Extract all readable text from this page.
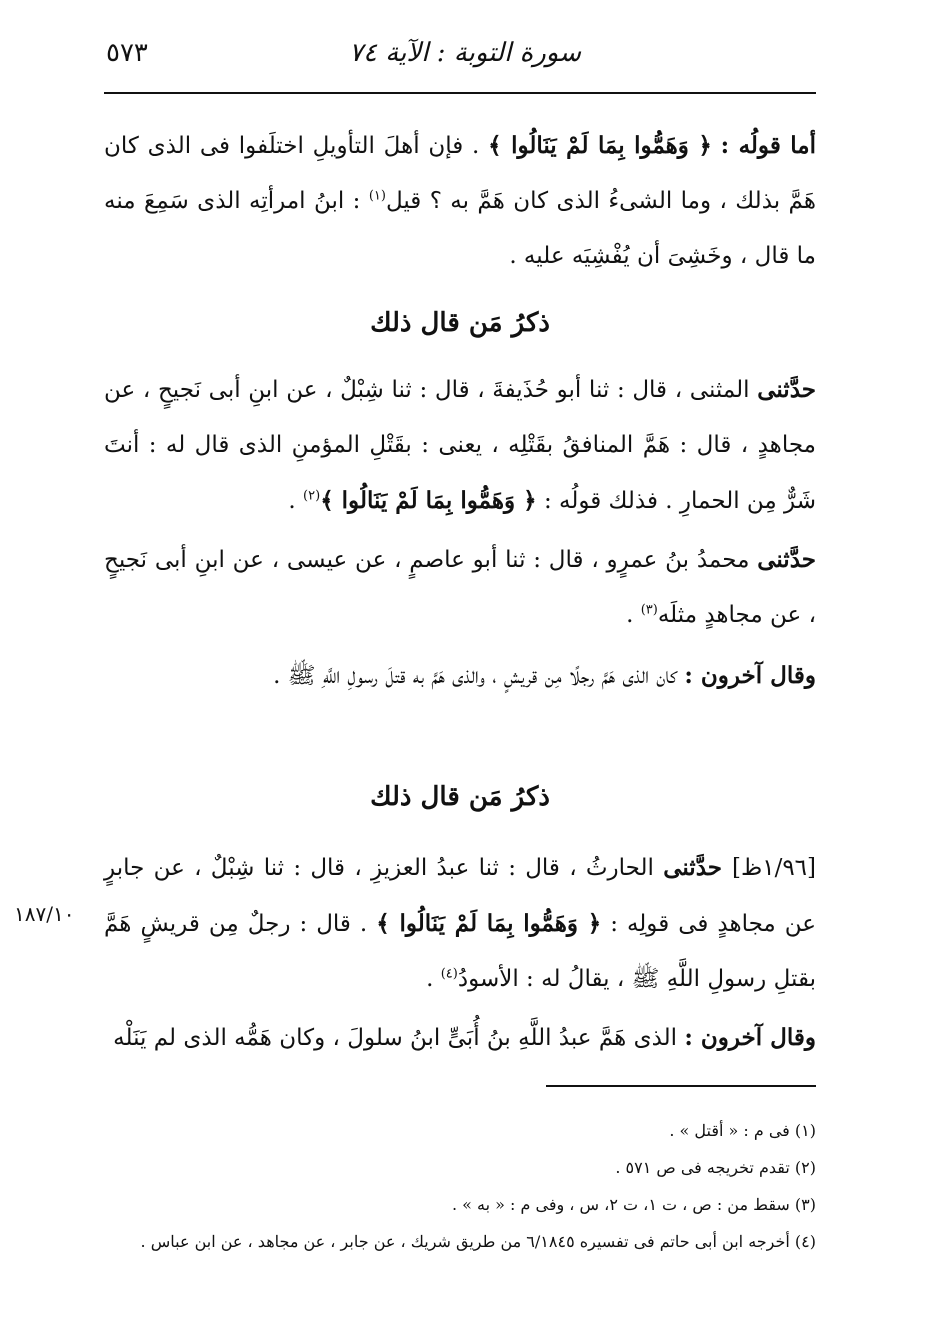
٥٧٣	سورة التوبة : الآية ٧٤
أما قولُه : ﴿ وَهَمُّوا بِمَا لَمْ يَنَالُوا ﴾ . فإن أهلَ التأويلِ اختلَفوا فى الذى كان هَمَّ بذلك ، وما الشىءُ الذى كان هَمَّ به ؟ قيل$^{(١)}$ : ابنُ امرأتِه الذى سَمِعَ منه ما قال ، وخَشِىَ أن يُفْشِيَه عليه .
ذكرُ مَن قال ذلك
حدَّثنى المثنى ، قال : ثنا أبو حُذَيفةَ ، قال : ثنا شِبْلٌ ، عن ابنِ أبى نَجيحٍ ، عن مجاهدٍ ، قال : هَمَّ المنافقُ بقَتْلِه ، يعنى : بقَتْلِ المؤمنِ الذى قال له : أنتَ شَرٌّ مِن الحمارِ . فذلك قولُه : ﴿ وَهَمُّوا بِمَا لَمْ يَنَالُوا ﴾$^{(٢)}$ .
حدَّثنى محمدُ بنُ عمرٍو ، قال : ثنا أبو عاصمٍ ، عن عيسى ، عن ابنِ أبى نَجيحٍ ، عن مجاهدٍ مثلَه$^{(٣)}$ .
وقال آخرون : كان الذى هَمَّ رجلًا مِن قريشٍ ، والذى هَمَّ به قتلَ رسولِ اللَّهِ ﷺ .
ذكرُ مَن قال ذلك
[١/٩٦ظ] حدَّثنى الحارثُ ، قال : ثنا عبدُ العزيزِ ، قال : ثنا شِبْلٌ ، عن جابرٍ عن مجاهدٍ فى قولِه : ﴿ وَهَمُّوا بِمَا لَمْ يَنَالُوا ﴾ . قال : رجلٌ مِن قريشٍ هَمَّ بقتلِ رسولِ اللَّهِ ﷺ ، يقالُ له : الأسودُ$^{(٤)}$ .
وقال آخرون : الذى هَمَّ عبدُ اللَّهِ بنُ أُبَىٍّ ابنُ سلولَ ، وكان هَمُّه الذى لم يَنَلْه
١٨٧/١٠
(١) فى م : « أقتل » .
(٢) تقدم تخريجه فى ص ٥٧١ .
(٣) سقط من : ص ، ت ١، ت ٢، س ، وفى م : « به » .
(٤) أخرجه ابن أبى حاتم فى تفسيره ٦/١٨٤٥ من طريق شريك ، عن جابر ، عن مجاهد ، عن ابن عباس .
